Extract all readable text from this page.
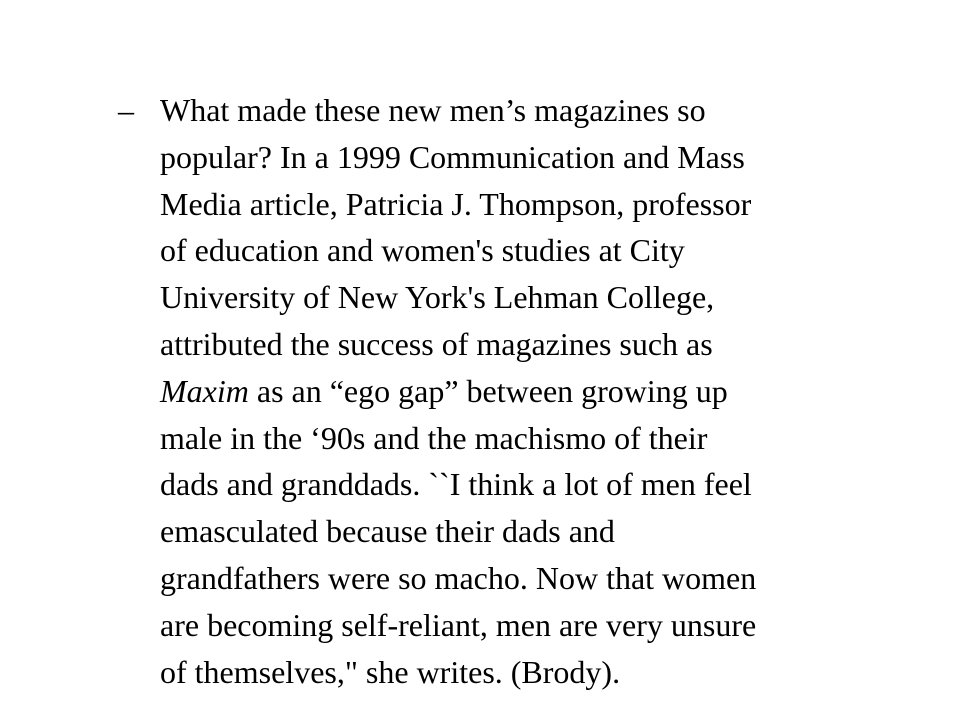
– What made these new men’s magazines so
popular? In a 1999 Communication and Mass
Media article, Patricia J. Thompson, professor
of education and women's studies at City
University of New York's Lehman College,
attributed the success of magazines such as
Maxim as an “ego gap” between growing up
male in the ‘90s and the machismo of their
dads and granddads. ``I think a lot of men feel
emasculated because their dads and
grandfathers were so macho. Now that women
are becoming self-reliant, men are very unsure
of themselves," she writes. (Brody).
